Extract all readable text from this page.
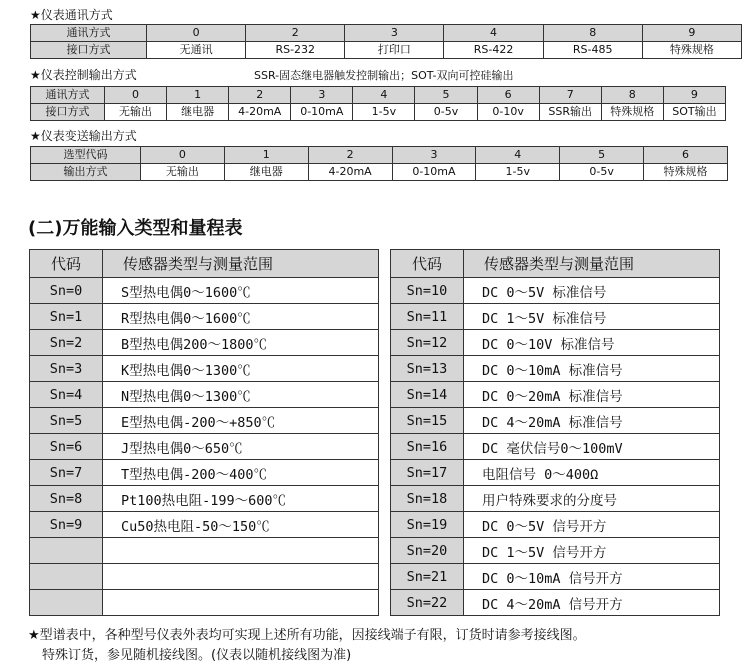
★仪表通讯方式
通讯方式	0	2	3	4	8	9
接口方式	无通讯	RS-232	打印口	RS-422	RS-485	特殊规格
★仪表控制输出方式	SSR-固态继电器触发控制输出；SOT-双向可控硅输出
通讯方式	0	1	2	3	4	5	6	7	8	9
接口方式	无输出	继电器	4-20mA	0-10mA	1-5v	0-5v	0-10v	SSR输出	特殊规格	SOT输出
★仪表变送输出方式
选型代码	0	1	2	3	4	5	6
输出方式	无输出	继电器	4-20mA	0-10mA	1-5v	0-5v	特殊规格
(二)万能输入类型和量程表
代码	传感器类型与测量范围
Sn=0	S型热电偶0～1600℃
Sn=1	R型热电偶0～1600℃
Sn=2	B型热电偶200～1800℃
Sn=3	K型热电偶0～1300℃
Sn=4	N型热电偶0～1300℃
Sn=5	E型热电偶-200～+850℃
Sn=6	J型热电偶0～650℃
Sn=7	T型热电偶-200～400℃
Sn=8	Pt100热电阻-199～600℃
Sn=9	Cu50热电阻-50～150℃

代码	传感器类型与测量范围
Sn=10	DC 0～5V 标准信号
Sn=11	DC 1～5V 标准信号
Sn=12	DC 0～10V 标准信号
Sn=13	DC 0～10mA 标准信号
Sn=14	DC 0～20mA 标准信号
Sn=15	DC 4～20mA 标准信号
Sn=16	DC 毫伏信号0～100mV
Sn=17	电阻信号 0～400Ω
Sn=18	用户特殊要求的分度号
Sn=19	DC 0～5V 信号开方
Sn=20	DC 1～5V 信号开方
Sn=21	DC 0～10mA 信号开方
Sn=22	DC 4～20mA 信号开方
★型谱表中，各种型号仪表外表均可实现上述所有功能，因接线端子有限，订货时请参考接线图。
特殊订货，参见随机接线图。(仪表以随机接线图为准)
